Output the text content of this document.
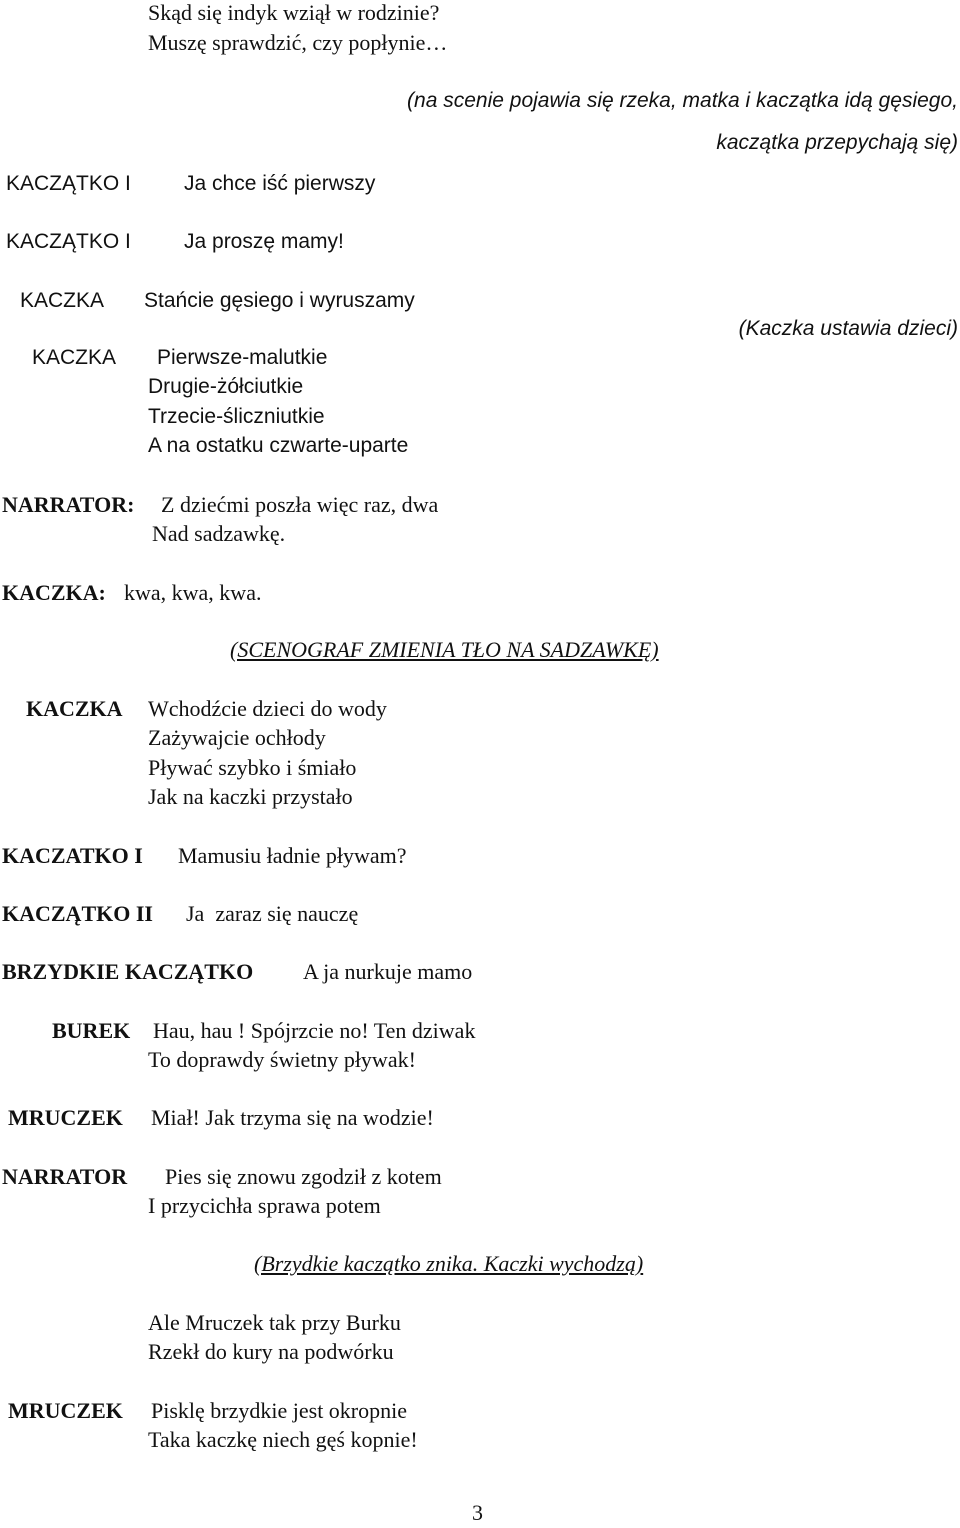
Skąd się indyk wziął w rodzinie?
Muszę sprawdzić, czy popłynie…
(na scenie pojawia się rzeka, matka i kaczątka idą gęsiego,
kaczątka przepychają się)
KACZĄTKO I	Ja chce iść pierwszy
KACZĄTKO I	Ja proszę mamy!
KACZKA Stańcie gęsiego i wyruszamy
(Kaczka ustawia dzieci)
KACZKA Pierwsze-malutkie
Drugie-żółciutkie
Trzecie-śliczniutkie
A na ostatku czwarte-uparte
NARRATOR: Z dziećmi poszła więc raz, dwa
Nad sadzawkę.
KACZKA: kwa, kwa, kwa.
(SCENOGRAF ZMIENIA TŁO NA SADZAWKĘ)
KACZKA Wchodźcie dzieci do wody
Zażywajcie ochłody
Pływać szybko i śmiało
Jak na kaczki przystało
KACZATKO I Mamusiu ładnie pływam?
KACZĄTKO II Ja  zaraz się nauczę
BRZYDKIE KACZĄTKO A ja nurkuje mamo
BUREK Hau, hau ! Spójrzcie no! Ten dziwak
To doprawdy świetny pływak!
MRUCZEK Miał! Jak trzyma się na wodzie!
NARRATOR Pies się znowu zgodził z kotem
I przycichła sprawa potem
(Brzydkie kaczątko znika. Kaczki wychodzą)
Ale Mruczek tak przy Burku
Rzekł do kury na podwórku
MRUCZEK Pisklę brzydkie jest okropnie
Taka kaczkę niech gęś kopnie!
3
